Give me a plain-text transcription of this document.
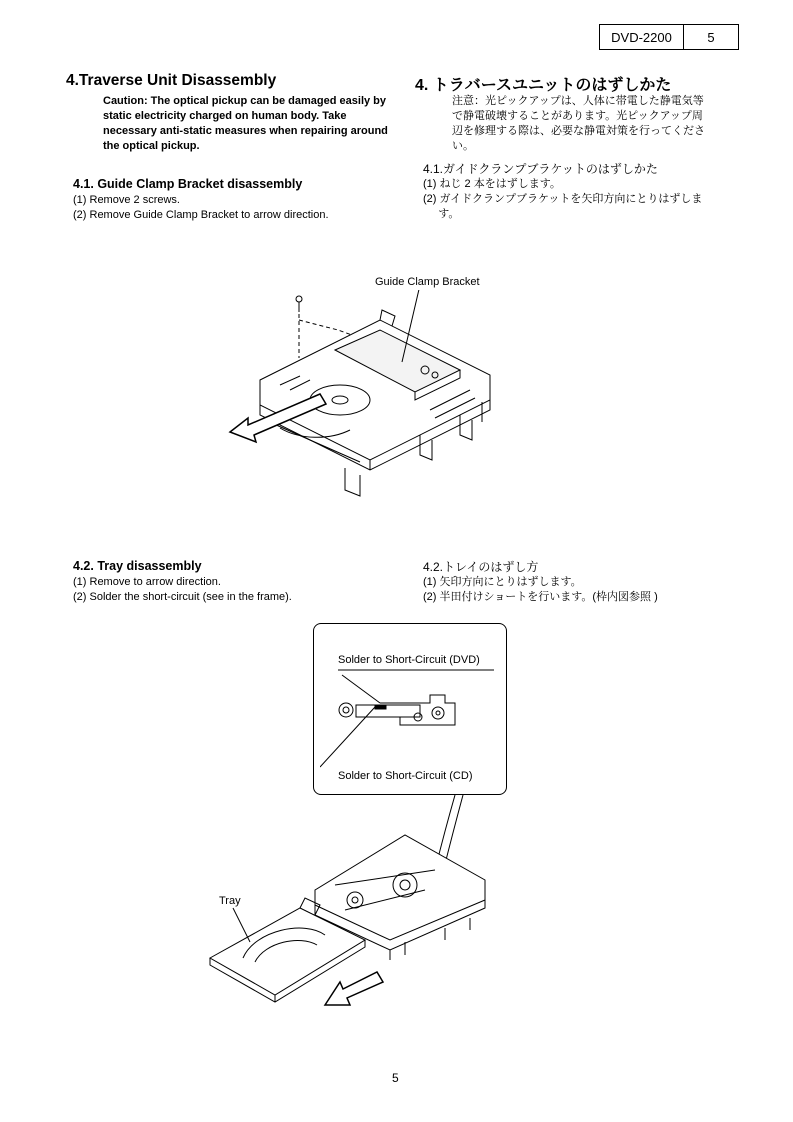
DVD-2200	5
4.Traverse Unit Disassembly
Caution: The optical pickup can be damaged easily by static electricity charged on human body. Take necessary anti-static measures when repairing around the optical pickup.
4.1. Guide Clamp Bracket disassembly
(1) Remove 2 screws.
(2) Remove Guide Clamp Bracket to arrow direction.
4.2. Tray disassembly
(1) Remove to arrow direction.
(2) Solder the short-circuit (see in the frame).
4. トラバースユニットのはずしかた
注意：光ピックアップは、人体に帯電した静電気等
で静電破壊することがあります。光ピックアップ周
辺を修理する際は、必要な静電対策を行ってくださ
い。
4.1.ガイドクランプブラケットのはずしかた
(1) ねじ 2 本をはずします。
(2) ガイドクランプブラケットを矢印方向にとりはずしま
す。
4.2.トレイのはずし方
(1) 矢印方向にとりはずします。
(2) 半田付けショートを行います。(枠内図参照 )
Guide Clamp Bracket
Solder to Short-Circuit (DVD)
Solder to Short-Circuit (CD)
Tray
5
